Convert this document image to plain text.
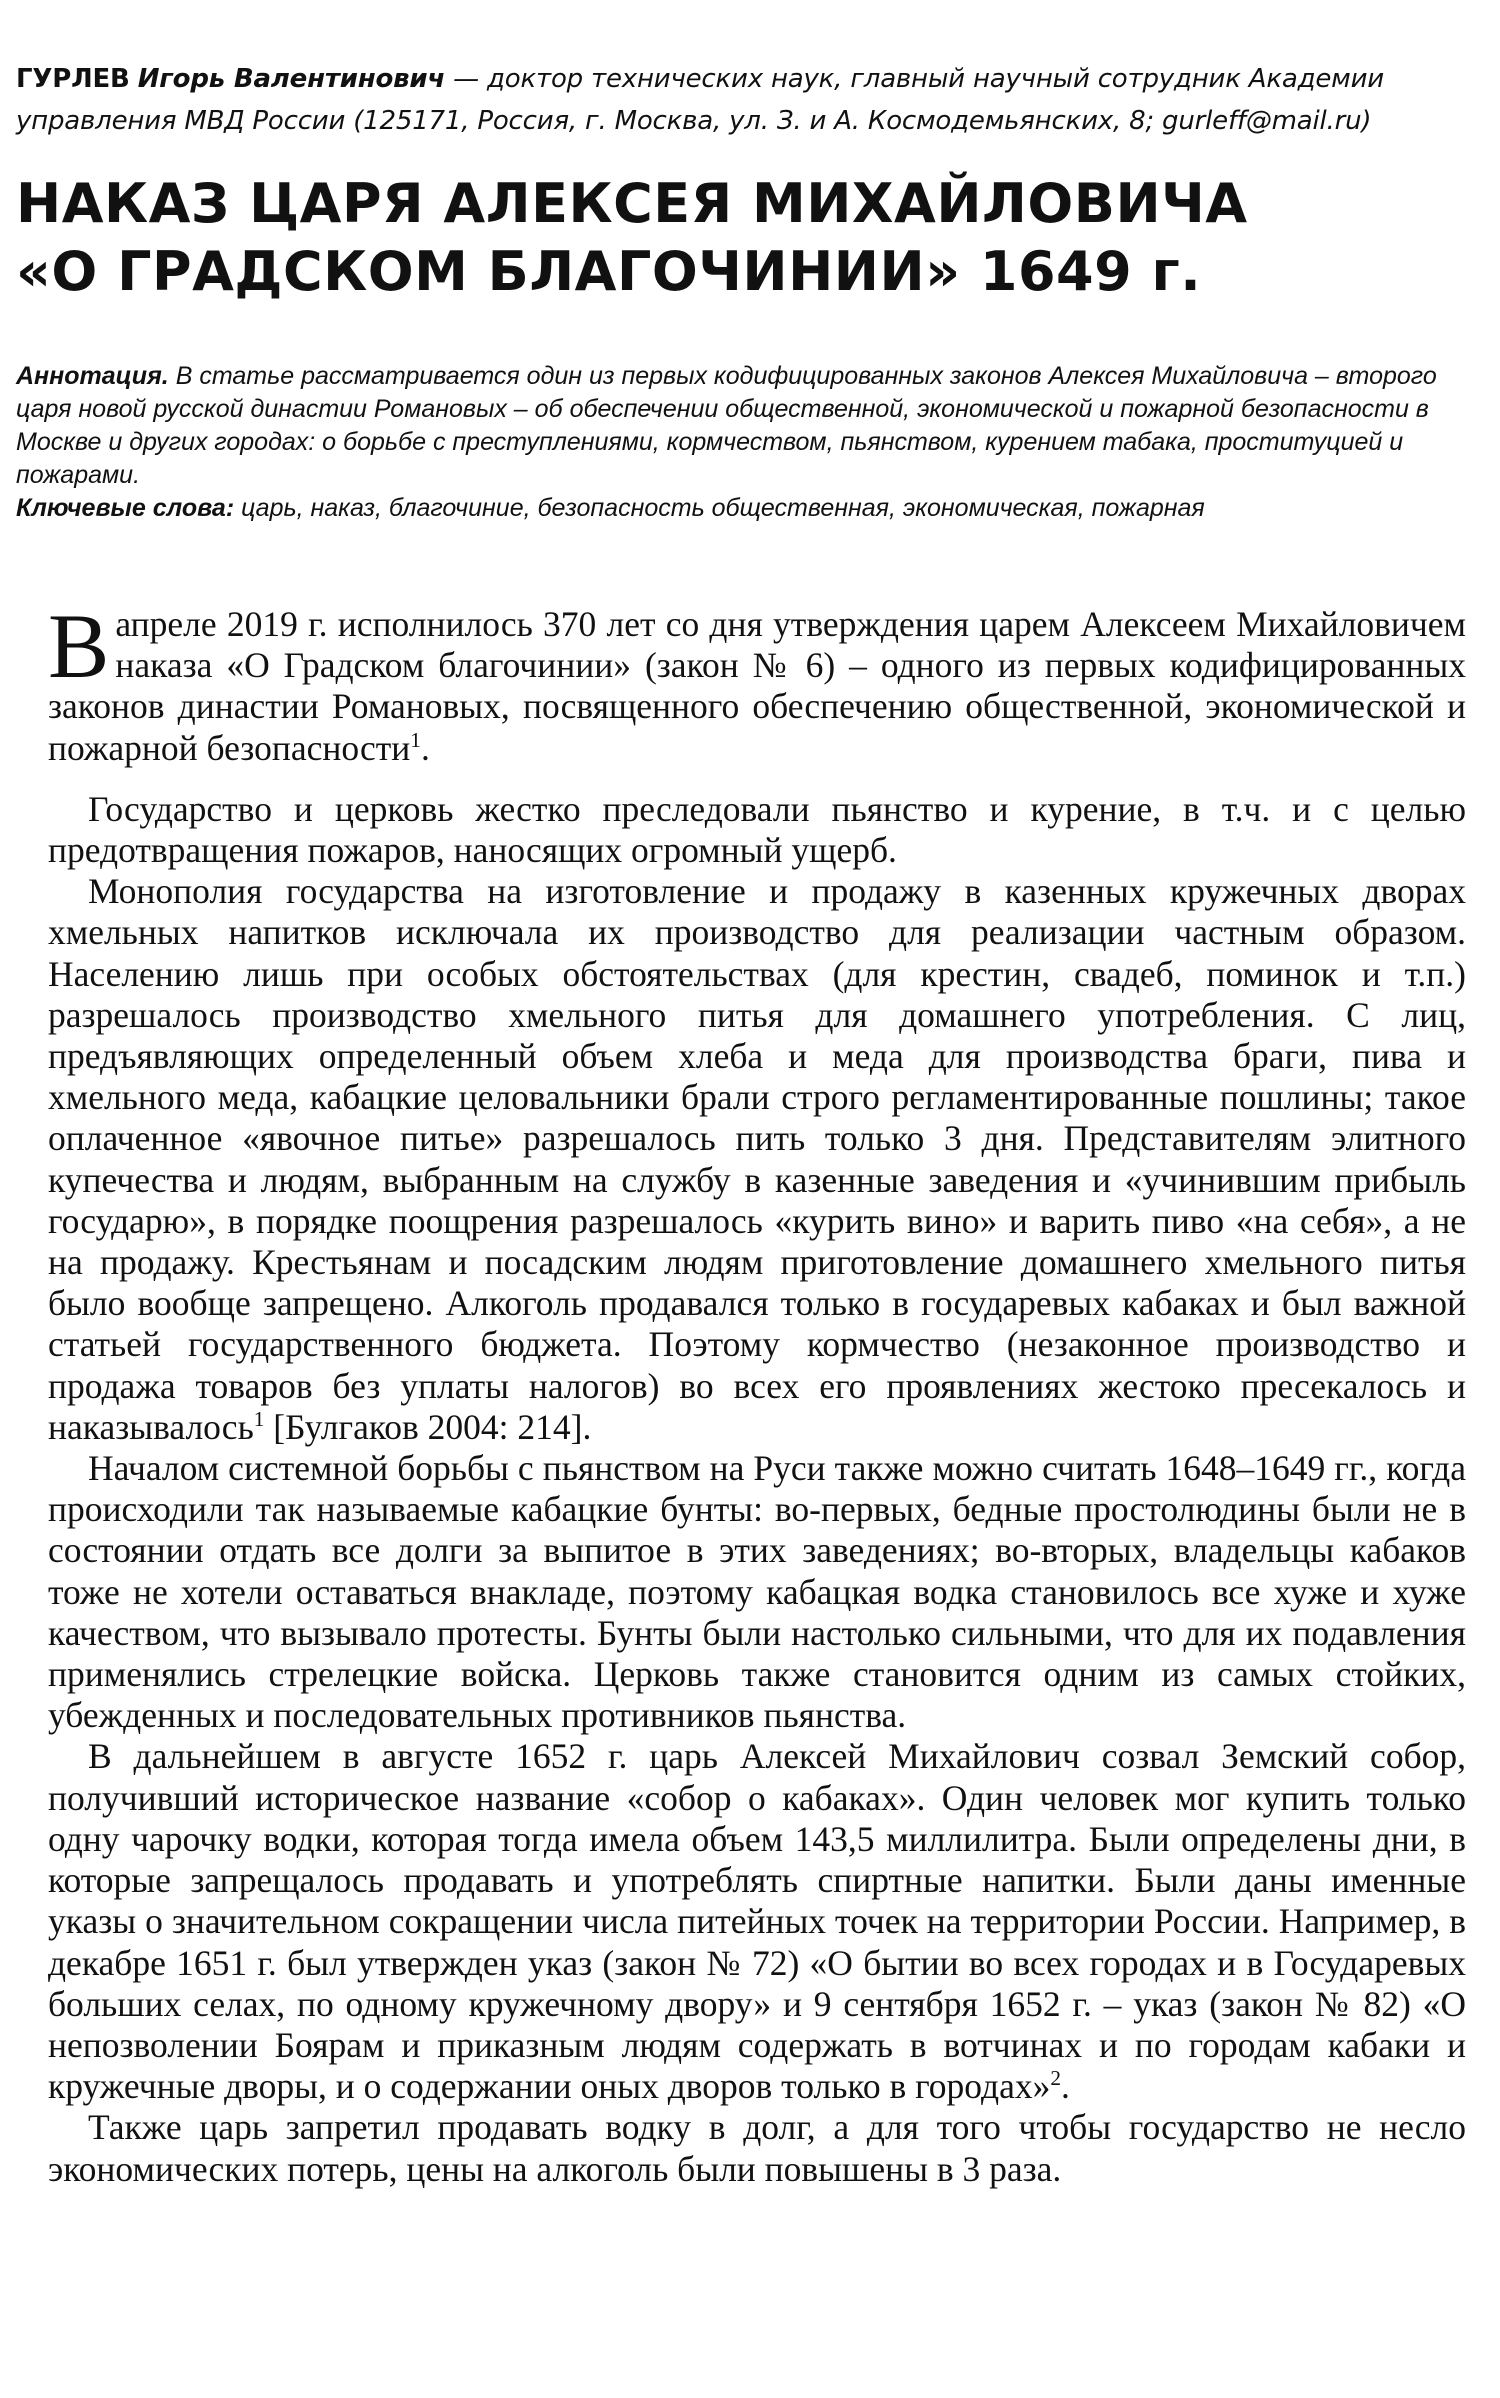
ГУРЛЕВ Игорь Валентинович — доктор технических наук, главный научный сотрудник Академии
управления МВД России (125171, Россия, г. Москва, ул. З. и А. Космодемьянских, 8; gurleff@mail.ru)
НАКАЗ ЦАРЯ АЛЕКСЕЯ МИХАЙЛОВИЧА
«О ГРАДСКОМ БЛАГОЧИНИИ» 1649 г.

Аннотация. В статье рассматривается один из первых кодифицированных законов Алексея Михайловича – второго царя новой русской династии Романовых – об обеспечении общественной, экономической и пожарной безопасности в Москве и других городах: о борьбе с преступлениями, кормчеством, пьянством, курением табака, проституцией и пожарами.

Ключевые слова: царь, наказ, благочиние, безопасность общественная, экономическая, пожарная

Вапреле 2019 г. исполнилось 370 лет со дня утверждения царем Алексеем Михайловичем наказа «О Градском благочинии» (закон № 6) – одного из первых кодифицированных законов династии Романовых, посвященного обеспечению общественной, экономической и пожарной безопасности$^1$.

Государство и церковь жестко преследовали пьянство и курение, в т.ч. и с целью предотвращения пожаров, наносящих огромный ущерб.

Монополия государства на изготовление и продажу в казенных кружечных дворах хмельных напитков исключала их производство для реализации частным образом. Населению лишь при особых обстоятельствах (для крестин, свадеб, поминок и т.п.) разрешалось производство хмельного питья для домашнего употребления. С лиц, предъявляющих определенный объем хлеба и меда для производства браги, пива и хмельного меда, кабацкие целовальники брали строго регламентированные пошлины; такое оплаченное «явочное питье» разрешалось пить только 3 дня. Представителям элитного купечества и людям, выбранным на службу в казенные заведения и «учинившим прибыль государю», в порядке поощрения разрешалось «курить вино» и варить пиво «на себя», а не на продажу. Крестьянам и посадским людям приготовление домашнего хмельного питья было вообще запрещено. Алкоголь продавался только в государевых кабаках и был важной статьей государственного бюджета. Поэтому кормчество (незаконное производство и продажа товаров без уплаты налогов) во всех его проявлениях жестоко пресекалось и наказывалось$^1$ [Булгаков 2004: 214].

Началом системной борьбы с пьянством на Руси также можно считать 1648–1649 гг., когда происходили так называемые кабацкие бунты: во-первых, бедные простолюдины были не в состоянии отдать все долги за выпитое в этих заведениях; во-вторых, владельцы кабаков тоже не хотели оставаться внакладе, поэтому кабацкая водка становилось все хуже и хуже качеством, что вызывало протесты. Бунты были настолько сильными, что для их подавления применялись стрелецкие войска. Церковь также становится одним из самых стойких, убежденных и последовательных противников пьянства.

В дальнейшем в августе 1652 г. царь Алексей Михайлович созвал Земский собор, получивший историческое название «собор о кабаках». Один человек мог купить только одну чарочку водки, которая тогда имела объем 143,5 миллилитра. Были определены дни, в которые запрещалось продавать и употреблять спиртные напитки. Были даны именные указы о значительном сокращении числа питейных точек на территории России. Например, в декабре 1651 г. был утвержден указ (закон № 72) «О бытии во всех городах и в Государевых больших селах, по одному кружечному двору» и 9 сентября 1652 г. – указ (закон № 82) «О непозволении Боярам и приказным людям содержать в вотчинах и по городам кабаки и кружечные дворы, и о содержании оных дворов только в городах»$^2$.

Также царь запретил продавать водку в долг, а для того чтобы государство не несло экономических потерь, цены на алкоголь были повышены в 3 раза.
